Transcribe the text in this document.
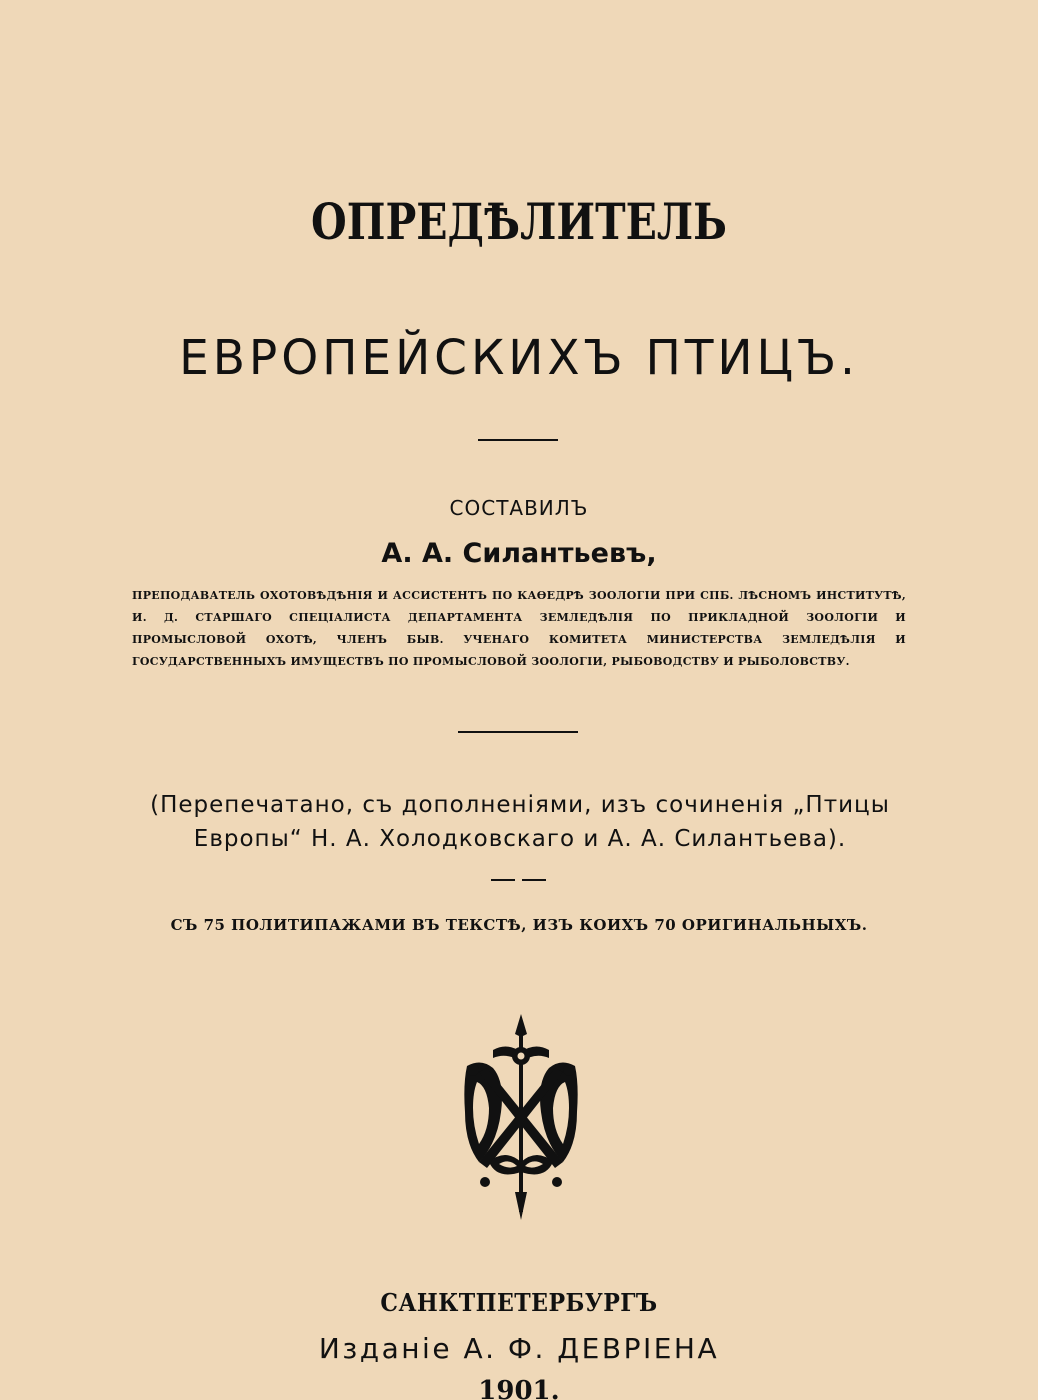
ОПРЕДѢЛИТЕЛЬ
ЕВРОПЕЙСКИХЪ ПТИЦЪ.
СОСТАВИЛЪ
А. А. Силантьевъ,
ПРЕПОДАВАТЕЛЬ ОХОТОВѢДѢНІЯ И АССИСТЕНТЪ ПО КАѲЕДРѢ ЗООЛОГІИ ПРИ СПБ. ЛѢСНОМЪ ИНСТИТУТѢ, И. Д. СТАРШАГО СПЕЦІАЛИСТА ДЕПАРТАМЕНТА ЗЕМЛЕДѢЛІЯ ПО ПРИКЛАДНОЙ ЗООЛОГІИ И ПРОМЫСЛОВОЙ ОХОТѢ, ЧЛЕНЪ БЫВ. УЧЕНАГО КОМИТЕТА МИНИСТЕРСТВА ЗЕМЛЕДѢЛІЯ И ГОСУДАРСТВЕННЫХЪ ИМУЩЕСТВЪ ПО ПРОМЫСЛОВОЙ ЗООЛОГІИ, РЫБОВОДСТВУ И РЫБОЛОВСТВУ.
(Перепечатано, съ дополненіями, изъ сочиненія „Птицы
Европы“ Н. А. Холодковскаго и А. А. Силантьева).
СЪ 75 ПОЛИТИПАЖАМИ ВЪ ТЕКСТѢ, ИЗЪ КОИХЪ 70 ОРИГИНАЛЬНЫХЪ.
САНКТПЕТЕРБУРГЪ
Изданіе А. Ф. ДЕВРІЕНА
1901.
